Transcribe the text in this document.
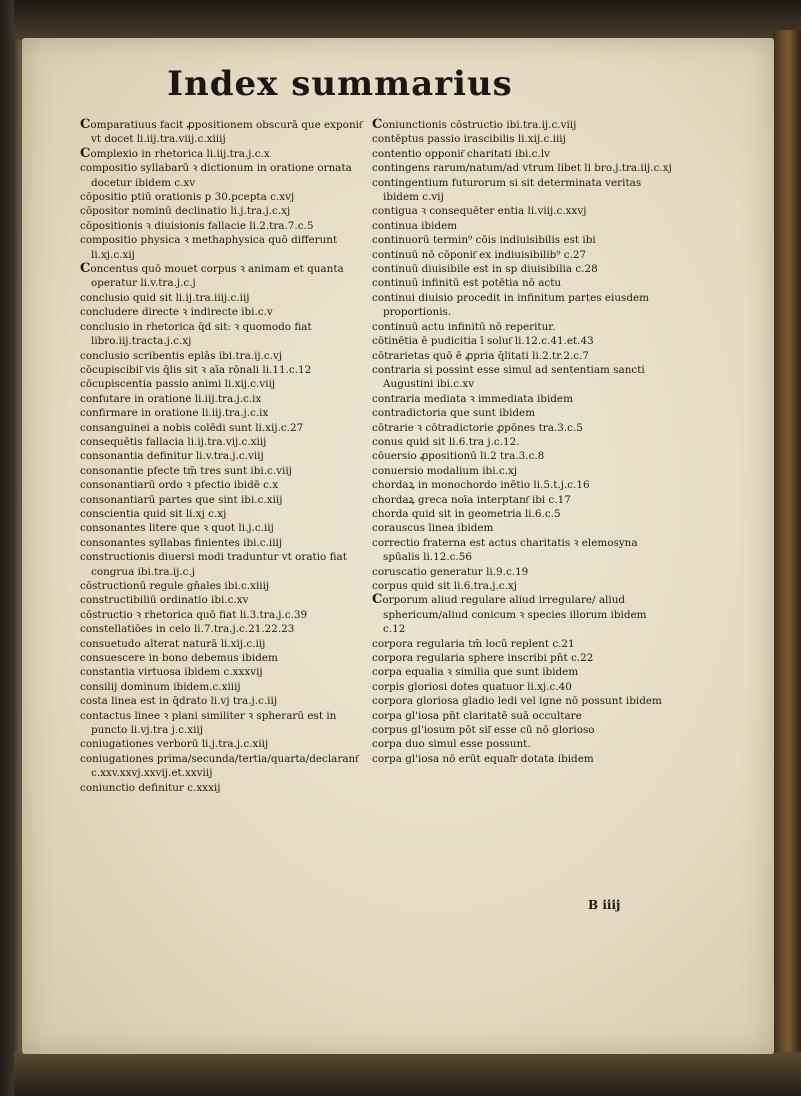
Index summarius

Comparatiuus facit ꝓpositionem obscurā que exponit͂ vt docet li.iij.tra.viij.c.xiiij

Complexio in rhetorica li.iij.tra.j.c.x

compositio syllabarū ꝛ dictionum in oratione ornata docetur ibidem c.xv

cōpositio ptiū orationis p 30.pcepta c.xvj

cōpositor nominū declinatio li.j.tra.j.c.xj

cōpositionis ꝛ diuisionis fallacie li.2.tra.7.c.5

compositio physica ꝛ methaphysica quō differunt li.xj.c.xij

Concentus quō mouet corpus ꝛ animam et quanta operatur li.v.tra.j.c.j

conclusio quid sit li.ij.tra.iiij.c.iij

concludere directe ꝛ indirecte ibi.c.v

conclusio in rhetorica q̄d sit: ꝛ quomodo fiat libro.iij.tracta.j.c.xj

conclusio scribentis eplās ibi.tra.ij.c.vj

cōcupiscibil͂ vis q̄lis sit ꝛ aīa rōnali li.11.c.12

cōcupiscentia passio animi li.xij.c.viij

confutare in oratione li.iij.tra.j.c.ix

confirmare in oratione li.iij.tra.j.c.ix

consanguinei a nobis colēdi sunt li.xij.c.27

consequētis fallacia li.ij.tra.vij.c.xiij

consonantia definitur li.v.tra.j.c.viij

consonantie pfecte tm̄ tres sunt ibi.c.viij

consonantiarū ordo ꝛ pfectio ibidē c.x

consonantiarū partes que sint ibi.c.xiij

conscientia quid sit li.xj c.xj

consonantes litere que ꝛ quot li.j.c.iij

consonantes syllabas finientes ibi.c.iiij

constructionis diuersi modi traduntur vt oratio fiat congrua ibi.tra.ij.c.j

cōstructionū regule gn̄ales ibi.c.xiiij

constructibiliū ordinatio ibi.c.xv

cōstructio ꝛ rhetorica quō fiat li.3.tra.j.c.39

constellatiōes in celo li.7.tra.j.c.21.22.23

consuetudo alterat naturā li.xij.c.iij

consuescere in bono debemus ibidem

constantia virtuosa ibidem c.xxxvij

consilij dominum ibidem.c.xiiij

costa linea est in q̄drato li.vj tra.j.c.iij

contactus linee ꝛ plani similiter ꝛ spherarū est in puncto li.vj.tra j.c.xiij

coniugationes verborū li.j.tra.j.c.xiij

coniugationes prima/secunda/tertia/quarta/declarant͂ c.xxv.xxvj.xxvij.et.xxviij

coniunctio definitur c.xxxij

Coniunctionis cōstructio ibi.tra.ij.c.viij

contēptus passio irascibilis li.xij.c.iiij

contentio opponit͂ charitati ibi.c.lv

contingens rarum/natum/ad vtrum libet li bro.j.tra.iij.c.xj

contingentium futurorum si sit determinata veritas ibidem c.vij

contigua ꝛ consequēter entia li.viij.c.xxvj

continua ibidem

continuorū termin⁹ cōis indiuisibilis est ibi

continuū nō cōponit͂ ex indiuisibilib⁹ c.27

continuū diuisibile est in sp diuisibilia c.28

continuū infinitū est potētia nō actu

continui diuisio procedit in infinitum partes eiusdem proportionis.

continuū actu infinitū nō reperitur.

cōtinētia ē pudicitia ī solut͂ li.12.c.41.et.43

cōtrarietas quō ē ꝓpria q̄litati li.2.tr.2.c.7

contraria si possint esse simul ad sententiam sancti Augustini ibi.c.xv

contraria mediata ꝛ immediata ibidem

contradictoria que sunt ibidem

cōtrarie ꝛ cōtradictorie ꝓpōnes tra.3.c.5

conus quid sit li.6.tra j.c.12.

cōuersio ꝓpositionū li.2 tra.3.c.8

conuersio modalium ibi.c.xj

chordaꝝ in monochordo inētio li.5.t.j.c.16

chordaꝝ greca noīa interptant͂ ibi c.17

chorda quid sit in geometria li.6.c.5

corauscus linea ibidem

correctio fraterna est actus charitatis ꝛ elemosyna spūalis li.12.c.56

coruscatio generatur li.9.c.19

corpus quid sit li.6.tra.j.c.xj

Corporum aliud regulare aliud irregulare/ aliud sphericum/aliud conicum ꝛ species illorum ibidem c.12

corpora regularia tm̄ locū replent c.21

corpora regularia sphere inscribi pn̄t c.22

corpa equalia ꝛ similia que sunt ibidem

corpis gloriosi dotes quatuor li.xj.c.40

corpora gloriosa gladio ledi vel igne nō possunt ibidem

corpa gl'iosa pn̄t claritatē suā occultare

corpus gl'iosum pōt sil͂ esse cū nō glorioso

corpa duo simul esse possunt.

corpa gl'iosa nō erūt equal͂r dotata ibidem

B iiij
